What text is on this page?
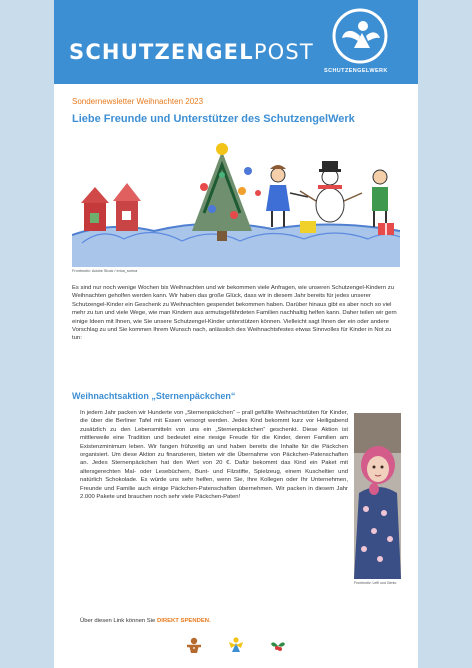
SCHUTZENGELPOST
SCHUTZENGELWERK
Sondernewsletter Weihnachten 2023
Liebe Freunde und Unterstützer des SchutzengelWerk
Frontmotiv: Adobe Stock / erica_sorina

Es sind nur noch wenige Wochen bis Weihnachten und wir bekommen viele Anfragen, wie unseren Schutzengel-Kindern zu Weihnachten geholfen werden kann. Wir haben das große Glück, dass wir in diesem Jahr bereits für jedes unserer Schutzengel-Kinder ein Geschenk zu Weihnachten gespendet bekommen haben. Darüber hinaus gibt es aber noch so viel mehr zu tun und viele Wege, wie man Kindern aus armutsgefährdeten Familien nachhaltig helfen kann. Daher teilen wir gern einige Ideen mit Ihnen, wie Sie unsere Schutzengel-Kinder unterstützen können. Vielleicht sagt Ihnen der ein oder andere Vorschlag zu und Sie kommen Ihrem Wunsch nach, anlässlich des Weihnachtsfestes etwas Sinnvolles für Kinder in Not zu tun:

Weihnachtsaktion „Sternenpäckchen“

In jedem Jahr packen wir Hunderte von „Sternenpäckchen“ – prall gefüllte Weihnachtstüten für Kinder, die über die Berliner Tafel mit Essen versorgt werden. Jedes Kind bekommt kurz vor Heiligabend zusätzlich zu den Lebensmitteln von uns ein „Sternenpäckchen“ geschenkt. Diese Aktion ist mittlerweile eine Tradition und bedeutet eine riesige Freude für die Kinder, deren Familien am Existenzminimum leben. Wir fangen frühzeitig an und haben bereits die Inhalte für die Päckchen organisiert. Um diese Aktion zu finanzieren, bieten wir die Übernahme von Päckchen-Patenschaften an. Jedes Sternenpäckchen hat den Wert von 20 €. Dafür bekommt das Kind ein Paket mit altersgerechten Mal- oder Lesebüchern, Bunt- und Filzstifte, Spielzeug, einem Kuscheltier und natürlich Schokolade. Es würde uns sehr helfen, wenn Sie, Ihre Kollegen oder Ihr Unternehmen, Freunde und Familie auch einige Päckchen-Patenschaften übernehmen. Wir packen in diesem Jahr 2.000 Pakete und brauchen noch sehr viele Päckchen-Paten!

Frontmotiv: Leffi und Gento
Über diesen Link können Sie DIREKT SPENDEN.
